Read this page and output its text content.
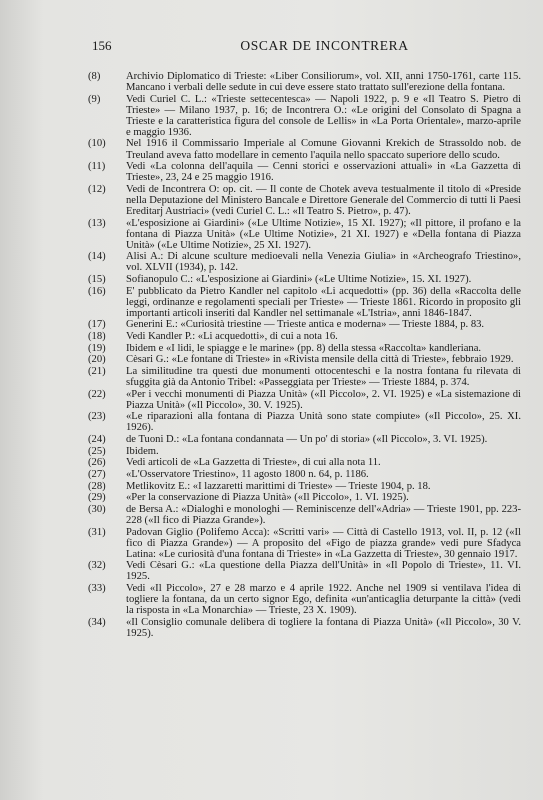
156	OSCAR DE INCONTRERA
(8)	Archivio Diplomatico di Trieste: «Liber Consiliorum», vol. XII, anni 1750-1761, carte 115. Mancano i verbali delle sedute in cui deve essere stato trattato sull'erezione della fontana.
(9)	Vedi Curiel C. L.: «Trieste settecentesca» — Napoli 1922, p. 9 e «Il Teatro S. Pietro di Trieste» — Milano 1937, p. 16; de Incontrera O.: «Le origini del Consolato di Spagna a Trieste e la caratteristica figura del console de Lellis» in «La Porta Orientale», marzo-aprile e maggio 1936.
(10)	Nel 1916 il Commissario Imperiale al Comune Giovanni Krekich de Strassoldo nob. de Treuland aveva fatto modellare in cemento l'aquila nello spaccato superiore dello scudo.
(11)	Vedi «La colonna dell'aquila — Cenni storici e osservazioni attuali» in «La Gazzetta di Trieste», 23, 24 e 25 maggio 1916.
(12)	Vedi de Incontrera O: op. cit. — Il conte de Chotek aveva testualmente il titolo di «Preside nella Deputazione del Ministero Bancale e Direttore Generale del Commercio di tutti li Paesi Ereditarj Austriaci» (vedi Curiel C. L.: «Il Teatro S. Pietro», p. 47).
(13)	«L'esposizione ai Giardini» («Le Ultime Notizie», 15 XI. 1927); «Il pittore, il profano e la fontana di Piazza Unità» («Le Ultime Notizie», 21 XI. 1927) e «Della fontana di Piazza Unità» («Le Ultime Notizie», 25 XI. 1927).
(14)	Alisi A.: Di alcune sculture medioevali nella Venezia Giulia» in «Archeografo Triestino», vol. XLVII (1934), p. 142.
(15)	Sofianopulo C.: «L'esposizione ai Giardini» («Le Ultime Notizie», 15. XI. 1927).
(16)	E' pubblicato da Pietro Kandler nel capitolo «Li acquedotti» (pp. 36) della «Raccolta delle leggi, ordinanze e regolamenti speciali per Trieste» — Trieste 1861. Ricordo in proposito gli importanti articoli inseriti dal Kandler nel settimanale «L'Istria», anni 1846-1847.
(17)	Generini E.: «Curiosità triestine — Trieste antica e moderna» — Trieste 1884, p. 83.
(18)	Vedi Kandler P.: «Li acquedotti», di cui a nota 16.
(19)	Ibidem e «I lidi, le spiagge e le marine» (pp. 8) della stessa «Raccolta» kandleriana.
(20)	Cèsari G.: «Le fontane di Trieste» in «Rivista mensile della città di Trieste», febbraio 1929.
(21)	La similitudine tra questi due monumenti ottocenteschi e la nostra fontana fu rilevata di sfuggita già da Antonio Tribel: «Passeggiata per Trieste» — Trieste 1884, p. 374.
(22)	«Per i vecchi monumenti di Piazza Unità» («Il Piccolo», 2. VI. 1925) e «La sistemazione di Piazza Unità» («Il Piccolo», 30. V. 1925).
(23)	«Le riparazioni alla fontana di Piazza Unità sono state compiute» («Il Piccolo», 25. XI. 1926).
(24)	de Tuoni D.: «La fontana condannata — Un po' di storia» («Il Piccolo», 3. VI. 1925).
(25)	Ibidem.
(26)	Vedi articoli de «La Gazzetta di Trieste», di cui alla nota 11.
(27)	«L'Osservatore Triestino», 11 agosto 1800 n. 64, p. 1186.
(28)	Metlikovitz E.: «I lazzaretti marittimi di Trieste» — Trieste 1904, p. 18.
(29)	«Per la conservazione di Piazza Unità» («Il Piccolo», 1. VI. 1925).
(30)	de Bersa A.: «Dialoghi e monologhi — Reminiscenze dell'«Adria» — Trieste 1901, pp. 223-228 («Il fico di Piazza Grande»).
(31)	Padovan Giglio (Polifemo Acca): «Scritti vari» — Città di Castello 1913, vol. II, p. 12 («Il fico di Piazza Grande») — A proposito del «Figo de piazza grande» vedi pure Sfadyca Latina: «Le curiosità d'una fontana di Trieste» in «La Gazzetta di Trieste», 30 gennaio 1917.
(32)	Vedi Cèsari G.: «La questione della Piazza dell'Unità» in «Il Popolo di Trieste», 11. VI. 1925.
(33)	Vedi «Il Piccolo», 27 e 28 marzo e 4 aprile 1922. Anche nel 1909 si ventilava l'idea di togliere la fontana, da un certo signor Ego, definita «un'anticaglia deturpante la città» (vedi la risposta in «La Monarchia» — Trieste, 23 X. 1909).
(34)	«Il Consiglio comunale delibera di togliere la fontana di Piazza Unità» («Il Piccolo», 30 V. 1925).
